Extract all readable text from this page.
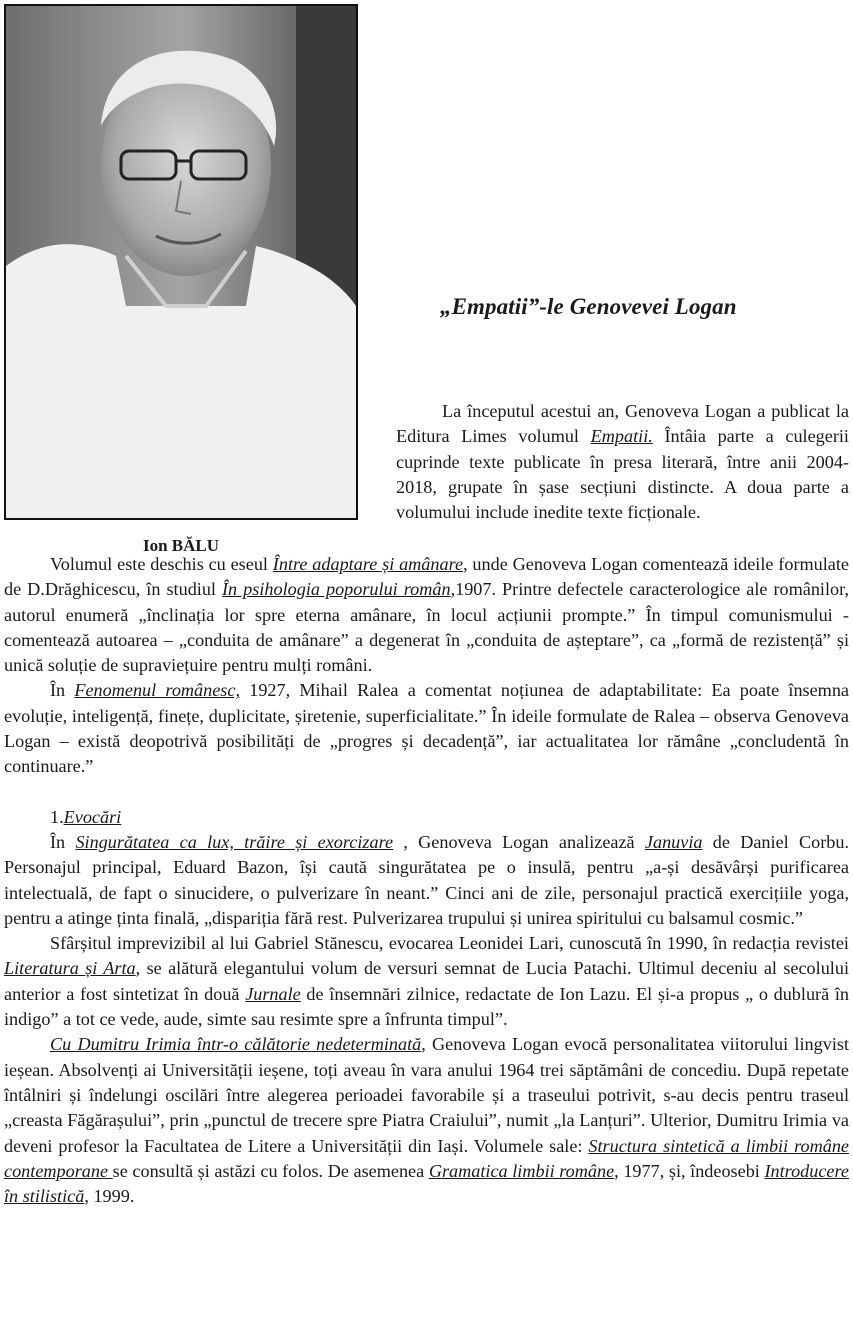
Ion BĂLU
„Empatii”-le Genovevei Logan

La începutul acestui an, Genoveva Logan a publicat la Editura Limes volumul Empatii. Întâia parte a culegerii cuprinde texte publicate în presa literară, între anii 2004-2018, grupate în șase secțiuni distincte. A doua parte a volumului include inedite texte ficționale.

Volumul este deschis cu eseul Între adaptare și amânare, unde Genoveva Logan comentează ideile formulate de D.Drăghicescu, în studiul În psihologia poporului român,1907. Printre defectele caracterologice ale românilor, autorul enumeră „înclinația lor spre eterna amânare, în locul acțiunii prompte.” În timpul comunismului - comentează autoarea – „conduita de amânare” a degenerat în „conduita de așteptare”, ca „formă de rezistență” și unică soluție de supraviețuire pentru mulți români.

În Fenomenul românesc, 1927, Mihail Ralea a comentat noțiunea de adaptabilitate: Ea poate însemna evoluție, inteligență, finețe, duplicitate, șiretenie, superficialitate.” În ideile formulate de Ralea – observa Genoveva Logan – există deopotrivă posibilități de „progres și decadență”, iar actualitatea lor rămâne „concludentă în continuare.”

1.Evocări

În Singurătatea ca lux, trăire și exorcizare , Genoveva Logan analizează Januvia de Daniel Corbu. Personajul principal, Eduard Bazon, își caută singurătatea pe o insulă, pentru „a-și desăvârși purificarea intelectuală, de fapt o sinucidere, o pulverizare în neant.” Cinci ani de zile, personajul practică exercițiile yoga, pentru a atinge ținta finală, „dispariția fără rest. Pulverizarea trupului și unirea spiritului cu balsamul cosmic.”

Sfârșitul imprevizibil al lui Gabriel Stănescu, evocarea Leonidei Lari, cunoscută în 1990, în redacția revistei Literatura și Arta, se alătură elegantului volum de versuri semnat de Lucia Patachi. Ultimul deceniu al secolului anterior a fost sintetizat în două Jurnale de însemnări zilnice, redactate de Ion Lazu. El și-a propus „ o dublură în indigo” a tot ce vede, aude, simte sau resimte spre a înfrunta timpul”.

Cu Dumitru Irimia într-o călătorie nedeterminată, Genoveva Logan evocă personalitatea viitorului lingvist ieșean. Absolvenți ai Universității ieșene, toți aveau în vara anului 1964 trei săptămâni de concediu. După repetate întâlniri și îndelungi oscilări între alegerea perioadei favorabile și a traseului potrivit, s-au decis pentru traseul „creasta Făgărașului”, prin „punctul de trecere spre Piatra Craiului”, numit „la Lanțuri”. Ulterior, Dumitru Irimia va deveni profesor la Facultatea de Litere a Universității din Iași. Volumele sale: Structura sintetică a limbii române contemporane se consultă și astăzi cu folos. De asemenea Gramatica limbii române, 1977, și, îndeosebi Introducere în stilistică, 1999.
